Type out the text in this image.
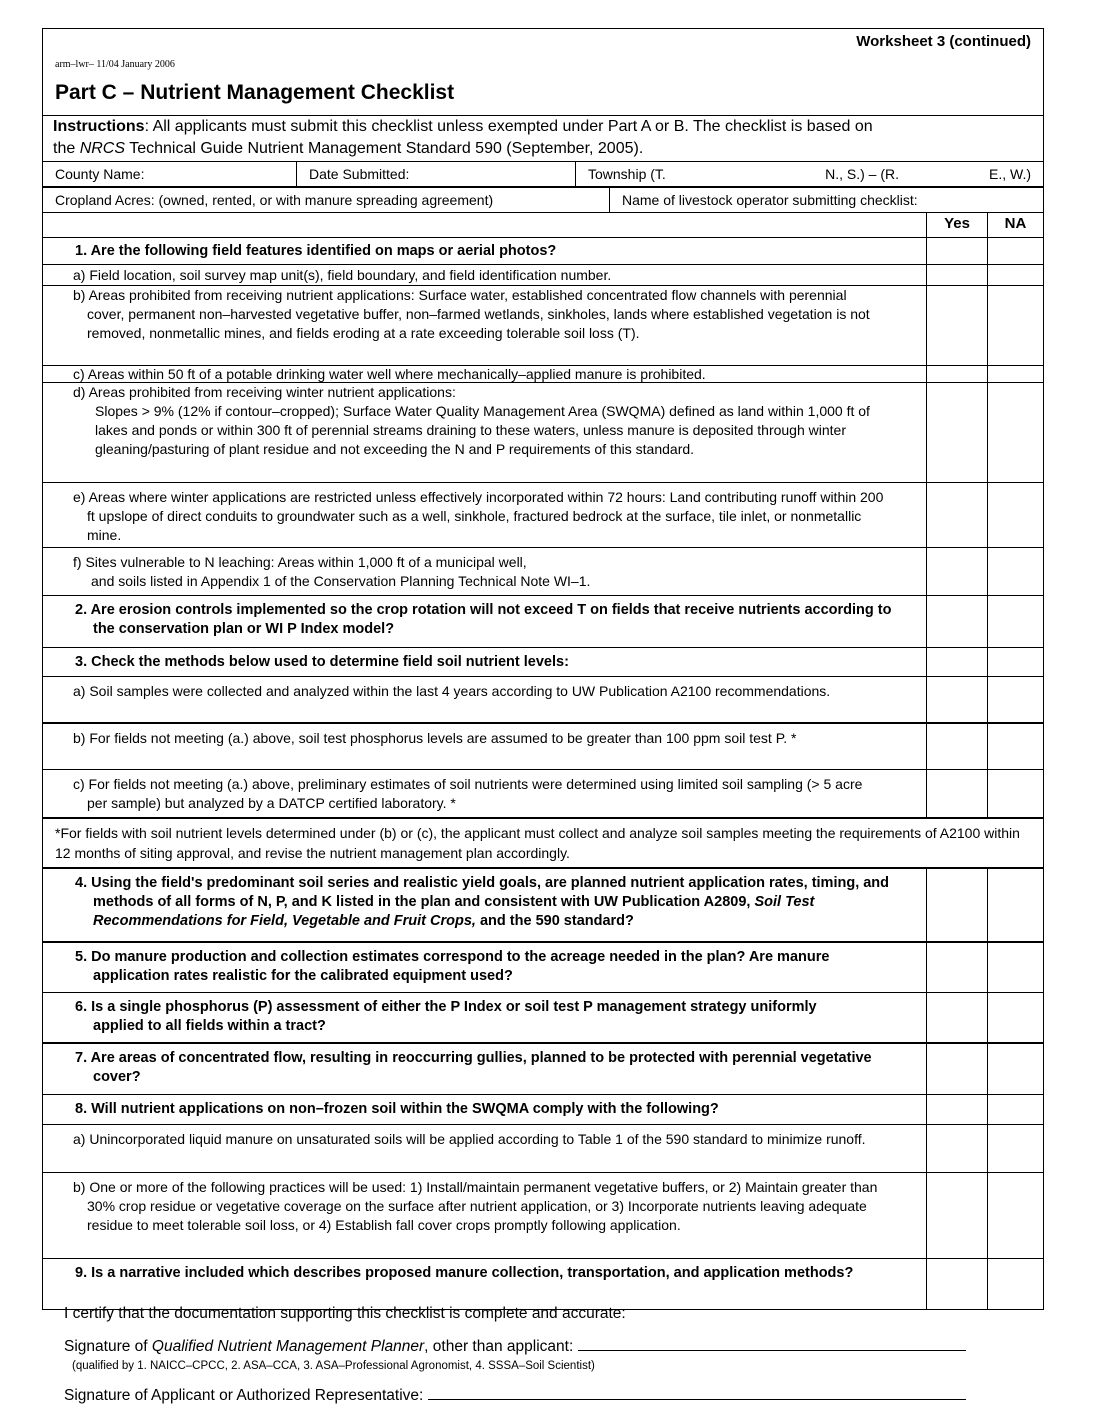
Worksheet 3 (continued)
arm–lwr– 11/04 January 2006
Part C – Nutrient Management Checklist
Instructions: All applicants must submit this checklist unless exempted under Part A or B. The checklist is based on
the NRCS Technical Guide Nutrient Management Standard 590 (September, 2005).
County Name:	Date Submitted:	Township (T.	N., S.) – (R.	E., W.)
Cropland Acres: (owned, rented, or with manure spreading agreement)	Name of livestock operator submitting checklist:
Yes	NA
1. Are the following field features identified on maps or aerial photos?
a) Field location, soil survey map unit(s), field boundary, and field identification number.
b) Areas prohibited from receiving nutrient applications: Surface water, established concentrated flow channels with perennial cover, permanent non–harvested vegetative buffer, non–farmed wetlands, sinkholes, lands where established vegetation is not removed, nonmetallic mines, and fields eroding at a rate exceeding tolerable soil loss (T).
c) Areas within 50 ft of a potable drinking water well where mechanically–applied manure is prohibited.
d) Areas prohibited from receiving winter nutrient applications:
Slopes > 9% (12% if contour–cropped); Surface Water Quality Management Area (SWQMA) defined as land within 1,000 ft of lakes and ponds or within 300 ft of perennial streams draining to these waters, unless manure is deposited through winter gleaning/pasturing of plant residue and not exceeding the N and P requirements of this standard.
e) Areas where winter applications are restricted unless effectively incorporated within 72 hours: Land contributing runoff within 200 ft upslope of direct conduits to groundwater such as a well, sinkhole, fractured bedrock at the surface, tile inlet, or nonmetallic mine.
f) Sites vulnerable to N leaching: Areas within 1,000 ft of a municipal well,
and soils listed in Appendix 1 of the Conservation Planning Technical Note WI–1.
2. Are erosion controls implemented so the crop rotation will not exceed T on fields that receive nutrients according to the conservation plan or WI P Index model?
3. Check the methods below used to determine field soil nutrient levels:
a) Soil samples were collected and analyzed within the last 4 years according to UW Publication A2100 recommendations.
b) For fields not meeting (a.) above, soil test phosphorus levels are assumed to be greater than 100 ppm soil test P. *
c) For fields not meeting (a.) above, preliminary estimates of soil nutrients were determined using limited soil sampling (> 5 acre per sample) but analyzed by a DATCP certified laboratory. *
*For fields with soil nutrient levels determined under (b) or (c), the applicant must collect and analyze soil samples meeting the requirements of A2100 within 12 months of siting approval, and revise the nutrient management plan accordingly.
4. Using the field's predominant soil series and realistic yield goals, are planned nutrient application rates, timing, and methods of all forms of N, P, and K listed in the plan and consistent with UW Publication A2809, Soil Test Recommendations for Field, Vegetable and Fruit Crops, and the 590 standard?
5. Do manure production and collection estimates correspond to the acreage needed in the plan? Are manure application rates realistic for the calibrated equipment used?
6. Is a single phosphorus (P) assessment of either the P Index or soil test P management strategy uniformly applied to all fields within a tract?
7. Are areas of concentrated flow, resulting in reoccurring gullies, planned to be protected with perennial vegetative cover?
8. Will nutrient applications on non–frozen soil within the SWQMA comply with the following?
a) Unincorporated liquid manure on unsaturated soils will be applied according to Table 1 of the 590 standard to minimize runoff.
b) One or more of the following practices will be used: 1) Install/maintain permanent vegetative buffers, or 2) Maintain greater than 30% crop residue or vegetative coverage on the surface after nutrient application, or 3) Incorporate nutrients leaving adequate residue to meet tolerable soil loss, or 4) Establish fall cover crops promptly following application.
9. Is a narrative included which describes proposed manure collection, transportation, and application methods?
I certify that the documentation supporting this checklist is complete and accurate:
Signature of Qualified Nutrient Management Planner, other than applicant:
(qualified by 1. NAICC–CPCC, 2. ASA–CCA, 3. ASA–Professional Agronomist, 4. SSSA–Soil Scientist)
Signature of Applicant or Authorized Representative:
